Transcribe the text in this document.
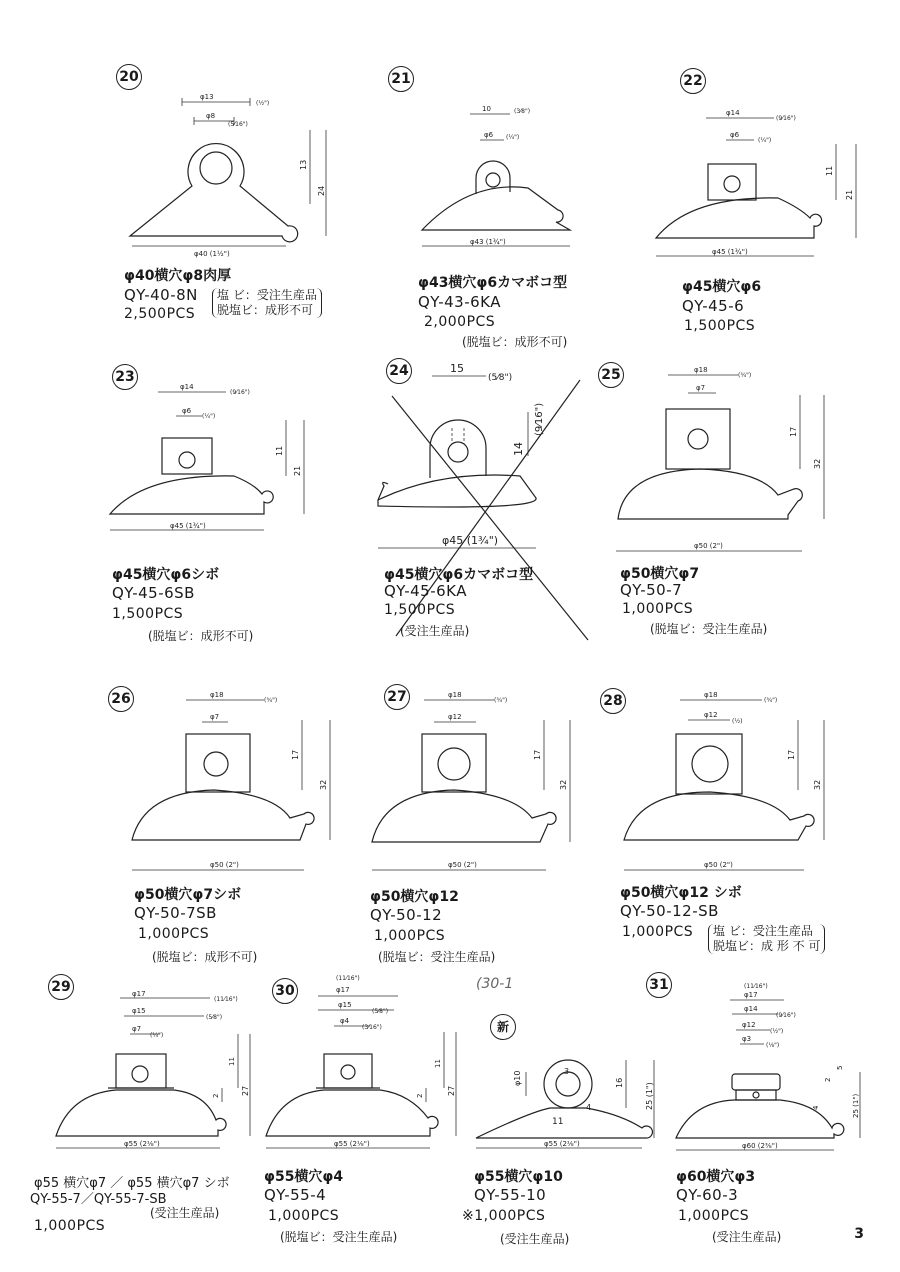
20
φ13
(½")
φ8
(5⁄16")
φ40 (1½")
13
24
φ40横穴φ8肉厚
QY-40-8N
2,500PCS
塩 ビ：受注生産品
脱塩ビ：成形不可
21
10	(3⁄8")
φ6 (¼")
φ43 (1¾")
φ43横穴φ6カマボコ型
QY-43-6KA
2,000PCS
(脱塩ビ：成形不可)
22
φ14
(9⁄16")
φ6
(¼")
φ45 (1¾")
11
21
φ45横穴φ6
QY-45-6
1,500PCS
23
φ14
(9⁄16")
φ6
(¼")
φ45 (1¾")
11
21
φ45横穴φ6シボ
QY-45-6SB
1,500PCS
(脱塩ビ：成形不可)
24	15
(5⁄8")
φ45 (1¾")
14
(9⁄16")
φ45横穴φ6カマボコ型
QY-45-6KA
1,500PCS
(受注生産品)
25	φ18
(¾")
φ7
φ50 (2")
17
32
φ50横穴φ7
QY-50-7
1,000PCS
(脱塩ビ：受注生産品)
26	φ18
(¾")
φ7
φ50 (2")
17
32
φ50横穴φ7シボ
QY-50-7SB
1,000PCS
(脱塩ビ：成形不可)
27	φ18
(¾")
φ12
φ50 (2")
17
32
φ50横穴φ12
QY-50-12
1,000PCS
(脱塩ビ：受注生産品)
28	φ18
(¾")
φ12
(½)
φ50 (2")
17
32
φ50横穴φ12 シボ
QY-50-12-SB
1,000PCS 塩 ビ：受注生産品
脱塩ビ：成 形 不 可
29	φ17
(11⁄16")
φ15
(5⁄8")
φ7
(¼")
φ55 (2⅛")
2
11
27
φ55 横穴φ7 ／ φ55 横穴φ7 シボ
QY-55-7／QY-55-7-SB
(受注生産品)
1,000PCS
30
(11⁄16")
φ17
φ15
(5⁄8")
φ4
(3⁄16")
φ55 (2⅛")
2
11
27
φ55横穴φ4
QY-55-4
1,000PCS
(脱塩ビ：受注生産品)
(30-1
新
3
4
φ10
11
16	25 (1")
φ55 (2⅛")
φ55横穴φ10
QY-55-10
※1,000PCS
(受注生産品)
31	(11⁄16")
φ17
φ14
(9⁄16")
φ12
(½")
φ3
(⅛")
φ60 (2⅜")
4
2
5
25 (1")
φ60横穴φ3
QY-60-3
1,000PCS
(受注生産品)	3
